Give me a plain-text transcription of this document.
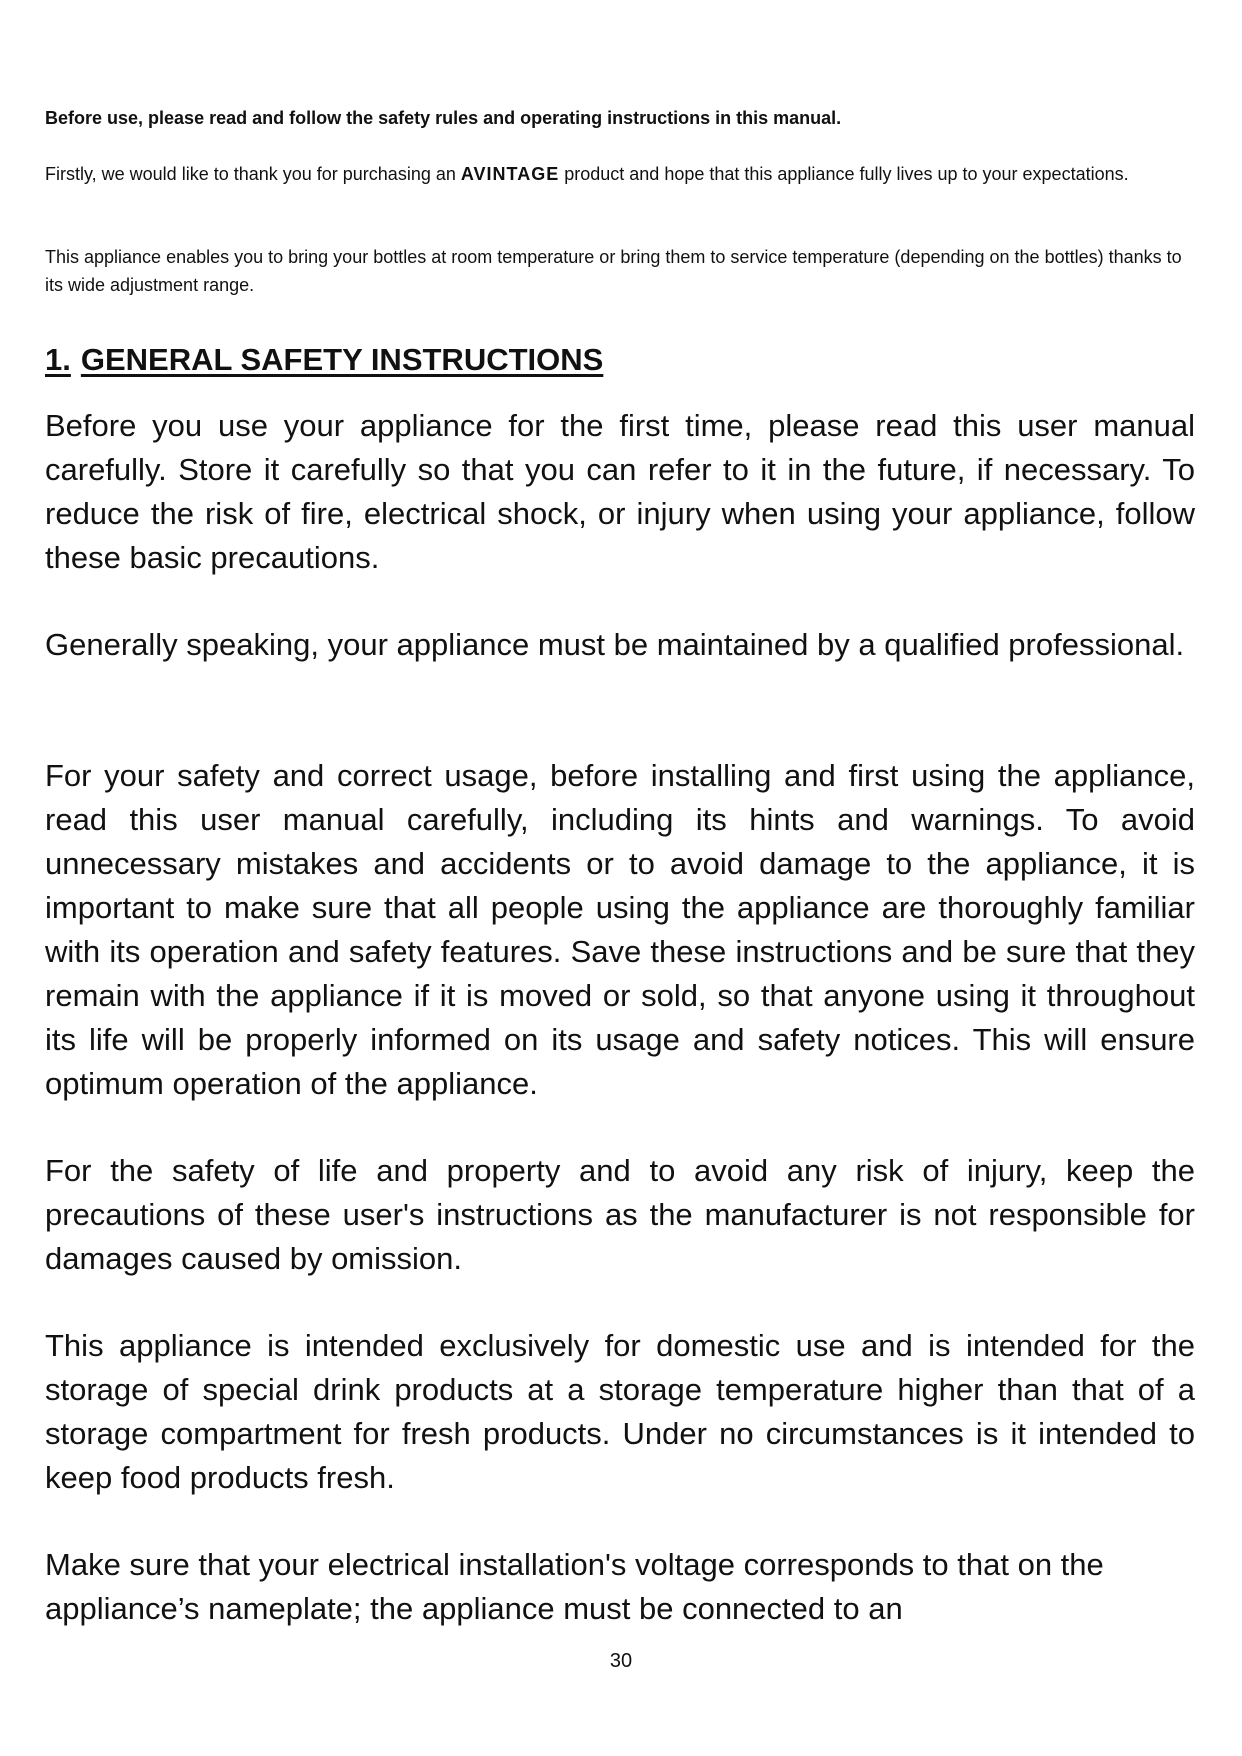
Before use, please read and follow the safety rules and operating instructions in this manual.

Firstly, we would like to thank you for purchasing an AVINTAGE product and hope that this appliance fully lives up to your expectations.

This appliance enables you to bring your bottles at room temperature or bring them to service temperature (depending on the bottles) thanks to its wide adjustment range.

1. GENERAL SAFETY INSTRUCTIONS

Before you use your appliance for the first time, please read this user manual carefully. Store it carefully so that you can refer to it in the future, if necessary. To reduce the risk of fire, electrical shock, or injury when using your appliance, follow these basic precautions.

Generally speaking, your appliance must be maintained by a qualified professional.

For your safety and correct usage, before installing and first using the appliance, read this user manual carefully, including its hints and warnings. To avoid unnecessary mistakes and accidents or to avoid damage to the appliance, it is important to make sure that all people using the appliance are thoroughly familiar with its operation and safety features. Save these instructions and be sure that they remain with the appliance if it is moved or sold, so that anyone using it throughout its life will be properly informed on its usage and safety notices. This will ensure optimum operation of the appliance.

For the safety of life and property and to avoid any risk of injury, keep the precautions of these user's instructions as the manufacturer is not responsible for damages caused by omission.

This appliance is intended exclusively for domestic use and is intended for the storage of special drink products at a storage temperature higher than that of a storage compartment for fresh products. Under no circumstances is it intended to keep food products fresh.

Make sure that your electrical installation's voltage corresponds to that on the appliance’s nameplate; the appliance must be connected to an

30
